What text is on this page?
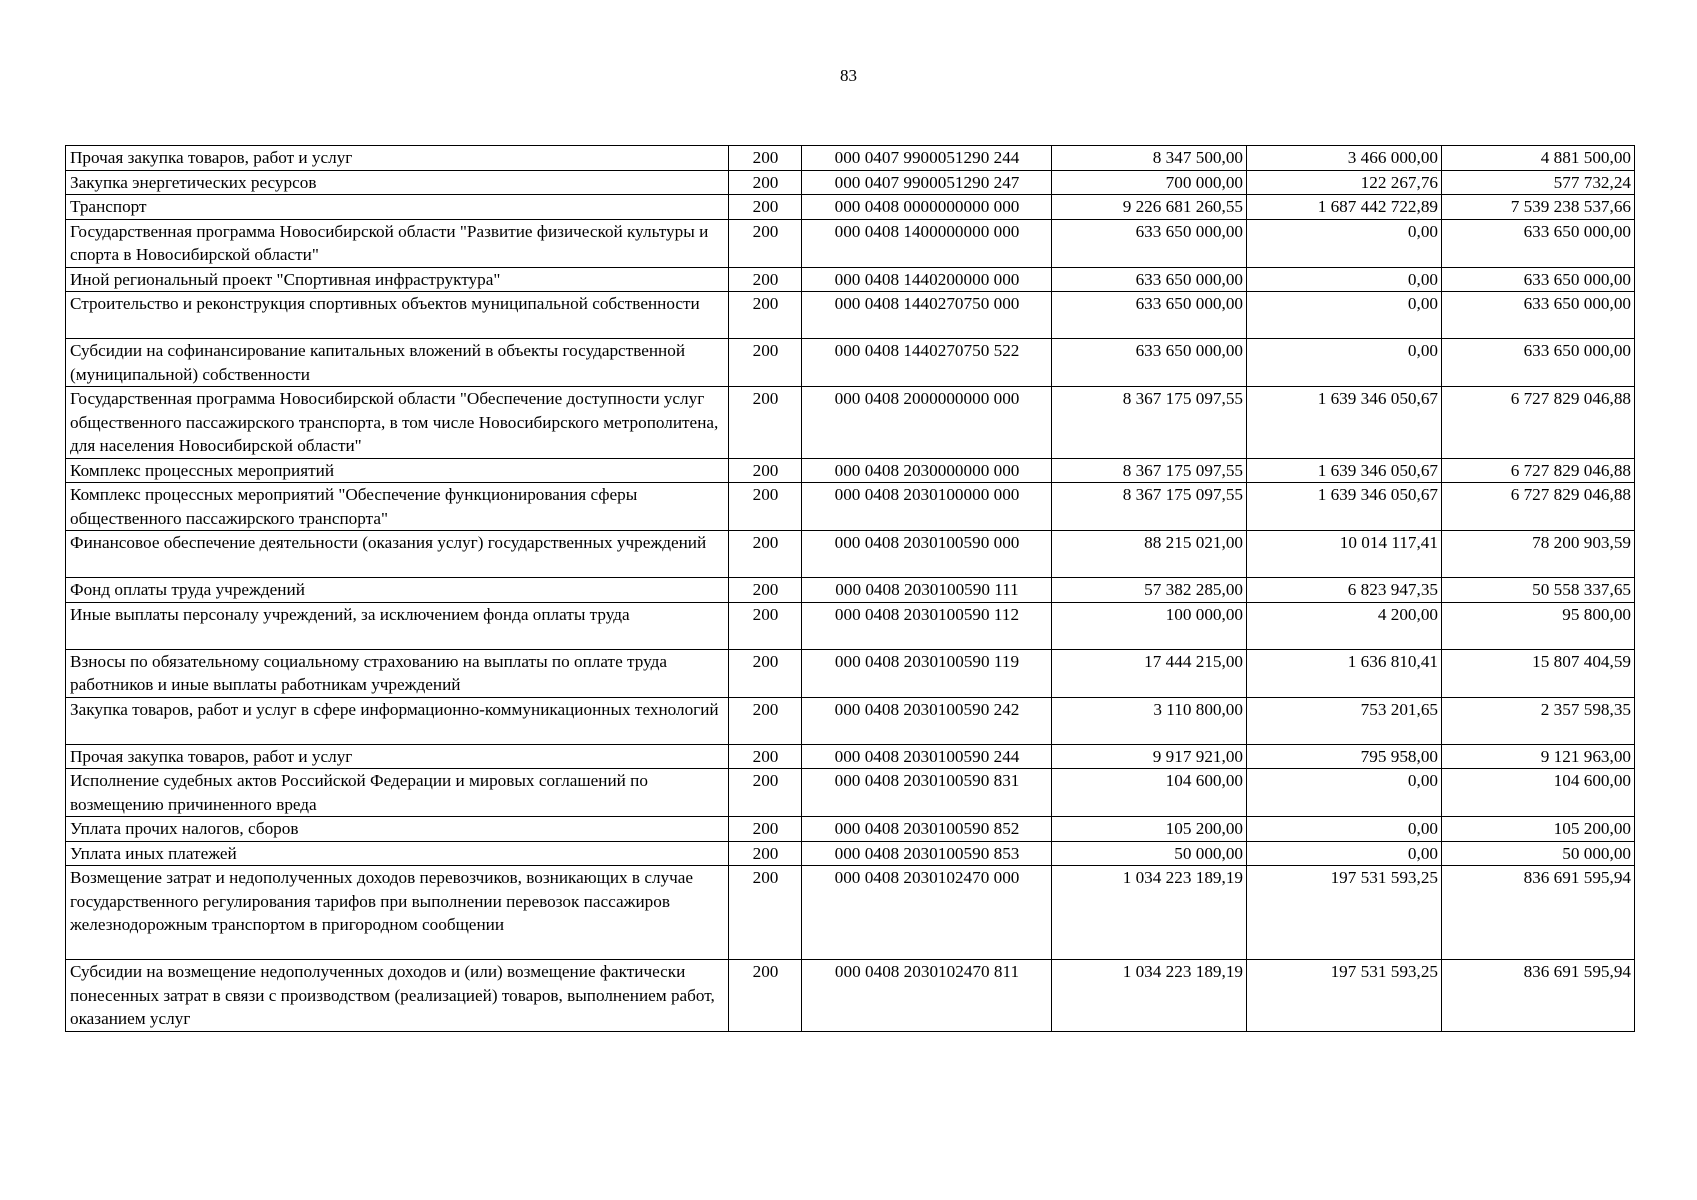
83
Прочая закупка товаров, работ и услуг	200	000 0407 9900051290 244	8 347 500,00	3 466 000,00	4 881 500,00
Закупка энергетических ресурсов	200	000 0407 9900051290 247	700 000,00	122 267,76	577 732,24
Транспорт	200	000 0408 0000000000 000	9 226 681 260,55	1 687 442 722,89	7 539 238 537,66
Государственная программа Новосибирской области "Развитие физической культуры и спорта в Новосибирской области"	200	000 0408 1400000000 000	633 650 000,00	0,00	633 650 000,00
Иной региональный проект "Спортивная инфраструктура"	200	000 0408 1440200000 000	633 650 000,00	0,00	633 650 000,00
Строительство и реконструкция спортивных объектов муниципальной собственности	200	000 0408 1440270750 000	633 650 000,00	0,00	633 650 000,00
Субсидии на софинансирование капитальных вложений в объекты государственной (муниципальной) собственности	200	000 0408 1440270750 522	633 650 000,00	0,00	633 650 000,00
Государственная программа Новосибирской области "Обеспечение доступности услуг общественного пассажирского транспорта, в том числе Новосибирского метрополитена, для населения Новосибирской области"	200	000 0408 2000000000 000	8 367 175 097,55	1 639 346 050,67	6 727 829 046,88
Комплекс процессных мероприятий	200	000 0408 2030000000 000	8 367 175 097,55	1 639 346 050,67	6 727 829 046,88
Комплекс процессных мероприятий "Обеспечение функционирования сферы общественного пассажирского транспорта"	200	000 0408 2030100000 000	8 367 175 097,55	1 639 346 050,67	6 727 829 046,88
Финансовое обеспечение деятельности (оказания услуг) государственных учреждений	200	000 0408 2030100590 000	88 215 021,00	10 014 117,41	78 200 903,59
Фонд оплаты труда учреждений	200	000 0408 2030100590 111	57 382 285,00	6 823 947,35	50 558 337,65
Иные выплаты персоналу учреждений, за исключением фонда оплаты труда	200	000 0408 2030100590 112	100 000,00	4 200,00	95 800,00
Взносы по обязательному социальному страхованию на выплаты по оплате труда работников и иные выплаты работникам учреждений	200	000 0408 2030100590 119	17 444 215,00	1 636 810,41	15 807 404,59
Закупка товаров, работ и услуг в сфере информационно-коммуникационных технологий	200	000 0408 2030100590 242	3 110 800,00	753 201,65	2 357 598,35
Прочая закупка товаров, работ и услуг	200	000 0408 2030100590 244	9 917 921,00	795 958,00	9 121 963,00
Исполнение судебных актов Российской Федерации и мировых соглашений по возмещению причиненного вреда	200	000 0408 2030100590 831	104 600,00	0,00	104 600,00
Уплата прочих налогов, сборов	200	000 0408 2030100590 852	105 200,00	0,00	105 200,00
Уплата иных платежей	200	000 0408 2030100590 853	50 000,00	0,00	50 000,00
Возмещение затрат и недополученных доходов перевозчиков, возникающих в случае государственного регулирования тарифов при выполнении перевозок пассажиров железнодорожным транспортом в пригородном сообщении	200	000 0408 2030102470 000	1 034 223 189,19	197 531 593,25	836 691 595,94
Субсидии на возмещение недополученных доходов и (или) возмещение фактически понесенных затрат в связи с производством (реализацией) товаров, выполнением работ, оказанием услуг	200	000 0408 2030102470 811	1 034 223 189,19	197 531 593,25	836 691 595,94
